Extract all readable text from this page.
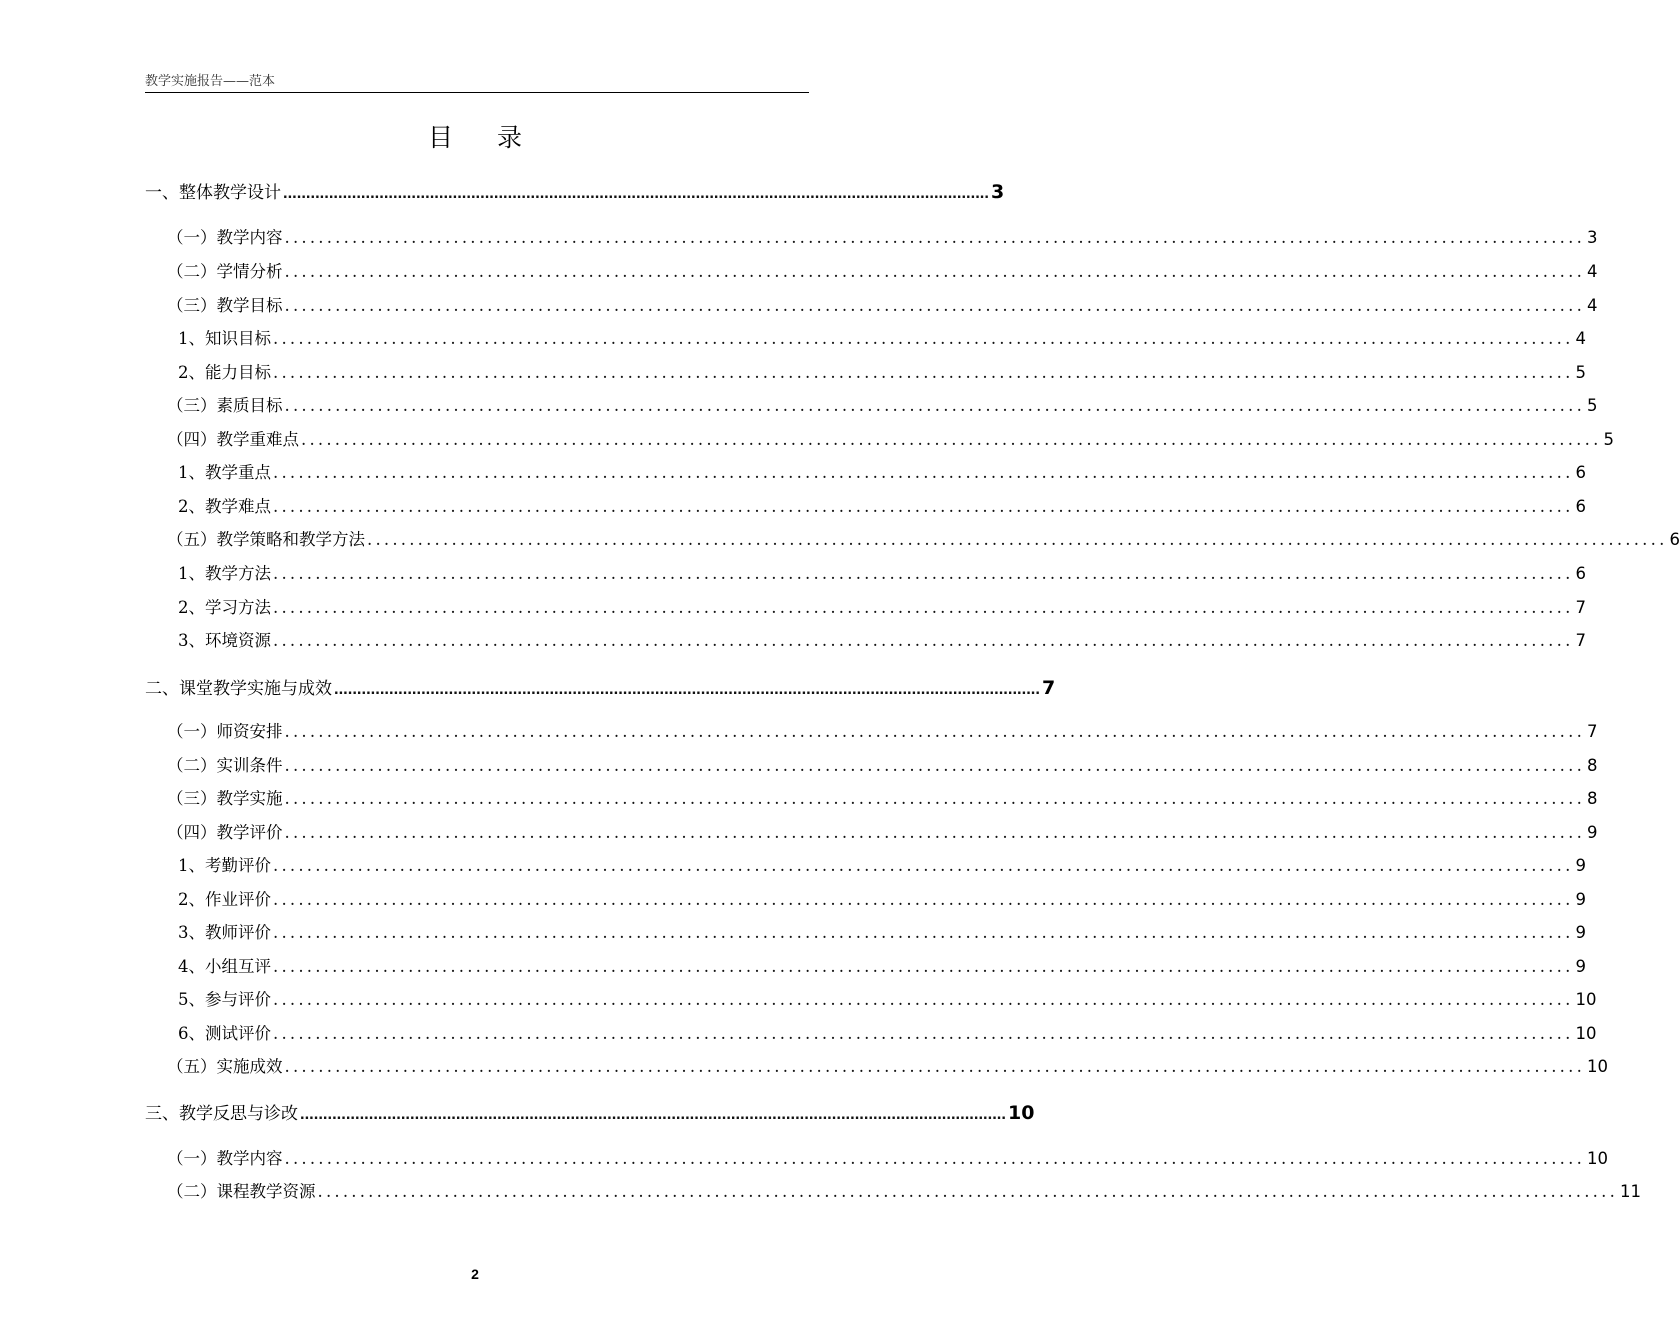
教学实施报告——范本
目 录
一、整体教学设计 .......................................................................................................................................................... 3
（一）教学内容 .......................................................................................................................................................... 3
（二）学情分析 .......................................................................................................................................................... 4
（三）教学目标 .......................................................................................................................................................... 4
1、知识目标 .......................................................................................................................................................... 4
2、能力目标 .......................................................................................................................................................... 5
（三）素质目标 .......................................................................................................................................................... 5
（四）教学重难点 .......................................................................................................................................................... 5
1、教学重点 .......................................................................................................................................................... 6
2、教学难点 .......................................................................................................................................................... 6
（五）教学策略和教学方法 .......................................................................................................................................................... 6
1、教学方法 .......................................................................................................................................................... 6
2、学习方法 .......................................................................................................................................................... 7
3、环境资源 .......................................................................................................................................................... 7
二、课堂教学实施与成效 .......................................................................................................................................................... 7
（一）师资安排 .......................................................................................................................................................... 7
（二）实训条件 .......................................................................................................................................................... 8
（三）教学实施 .......................................................................................................................................................... 8
（四）教学评价 .......................................................................................................................................................... 9
1、考勤评价 .......................................................................................................................................................... 9
2、作业评价 .......................................................................................................................................................... 9
3、教师评价 .......................................................................................................................................................... 9
4、小组互评 .......................................................................................................................................................... 9
5、参与评价 .......................................................................................................................................................... 10
6、测试评价 .......................................................................................................................................................... 10
（五）实施成效 .......................................................................................................................................................... 10
三、教学反思与诊改 .......................................................................................................................................................... 10
（一）教学内容 .......................................................................................................................................................... 10
（二）课程教学资源 .......................................................................................................................................................... 11
2
